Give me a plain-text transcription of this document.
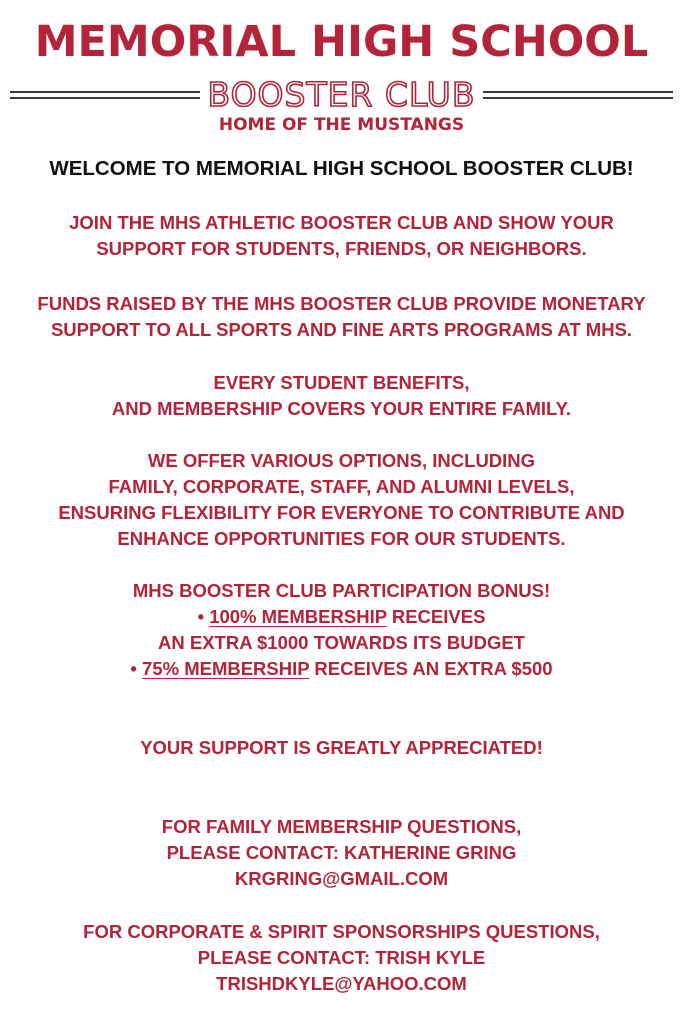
MEMORIAL HIGH SCHOOL
BOOSTER CLUB
HOME OF THE MUSTANGS
WELCOME TO MEMORIAL HIGH SCHOOL BOOSTER CLUB!
JOIN THE MHS ATHLETIC BOOSTER CLUB AND SHOW YOUR
SUPPORT FOR STUDENTS, FRIENDS, OR NEIGHBORS.
FUNDS RAISED BY THE MHS BOOSTER CLUB PROVIDE MONETARY
SUPPORT TO ALL SPORTS AND FINE ARTS PROGRAMS AT MHS.
EVERY STUDENT BENEFITS,
AND MEMBERSHIP COVERS YOUR ENTIRE FAMILY.
WE OFFER VARIOUS OPTIONS, INCLUDING
FAMILY, CORPORATE, STAFF, AND ALUMNI LEVELS,
ENSURING FLEXIBILITY FOR EVERYONE TO CONTRIBUTE AND
ENHANCE OPPORTUNITIES FOR OUR STUDENTS.
MHS BOOSTER CLUB PARTICIPATION BONUS!
• 100% MEMBERSHIP RECEIVES
AN EXTRA $1000 TOWARDS ITS BUDGET
• 75% MEMBERSHIP RECEIVES AN EXTRA $500
YOUR SUPPORT IS GREATLY APPRECIATED!
FOR FAMILY MEMBERSHIP QUESTIONS,
PLEASE CONTACT: KATHERINE GRING
KRGRING@GMAIL.COM
FOR CORPORATE & SPIRIT SPONSORSHIPS QUESTIONS,
PLEASE CONTACT: TRISH KYLE
TRISHDKYLE@YAHOO.COM
